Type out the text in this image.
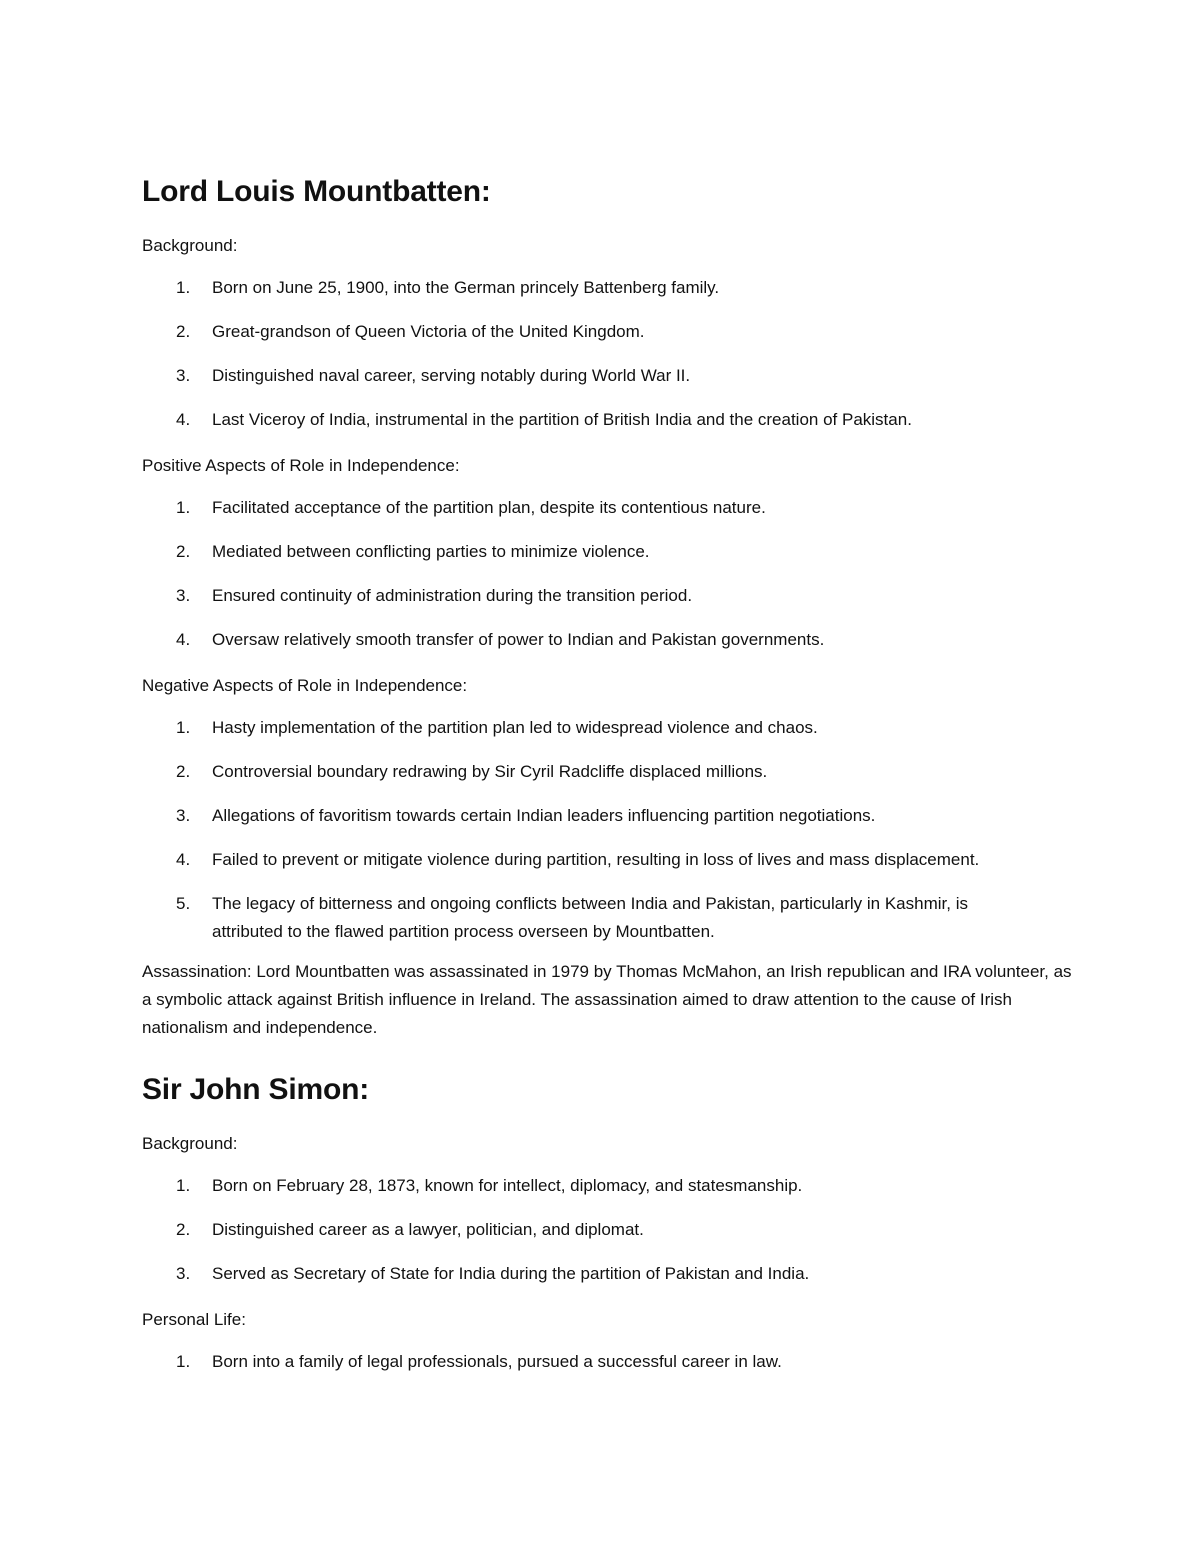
Lord Louis Mountbatten:

Background:

1.	Born on June 25, 1900, into the German princely Battenberg family.
2.	Great-grandson of Queen Victoria of the United Kingdom.
3.	Distinguished naval career, serving notably during World War II.
4.	Last Viceroy of India, instrumental in the partition of British India and the creation of Pakistan.

Positive Aspects of Role in Independence:

1.	Facilitated acceptance of the partition plan, despite its contentious nature.
2.	Mediated between conflicting parties to minimize violence.
3.	Ensured continuity of administration during the transition period.
4.	Oversaw relatively smooth transfer of power to Indian and Pakistan governments.

Negative Aspects of Role in Independence:

1.	Hasty implementation of the partition plan led to widespread violence and chaos.
2.	Controversial boundary redrawing by Sir Cyril Radcliffe displaced millions.
3.	Allegations of favoritism towards certain Indian leaders influencing partition negotiations.
4.	Failed to prevent or mitigate violence during partition, resulting in loss of lives and mass displacement.
5.	The legacy of bitterness and ongoing conflicts between India and Pakistan, particularly in Kashmir, is attributed to the flawed partition process overseen by Mountbatten.

Assassination: Lord Mountbatten was assassinated in 1979 by Thomas McMahon, an Irish republican and IRA volunteer, as a symbolic attack against British influence in Ireland. The assassination aimed to draw attention to the cause of Irish nationalism and independence.

Sir John Simon:

Background:

1.	Born on February 28, 1873, known for intellect, diplomacy, and statesmanship.
2.	Distinguished career as a lawyer, politician, and diplomat.
3.	Served as Secretary of State for India during the partition of Pakistan and India.

Personal Life:

1.	Born into a family of legal professionals, pursued a successful career in law.
